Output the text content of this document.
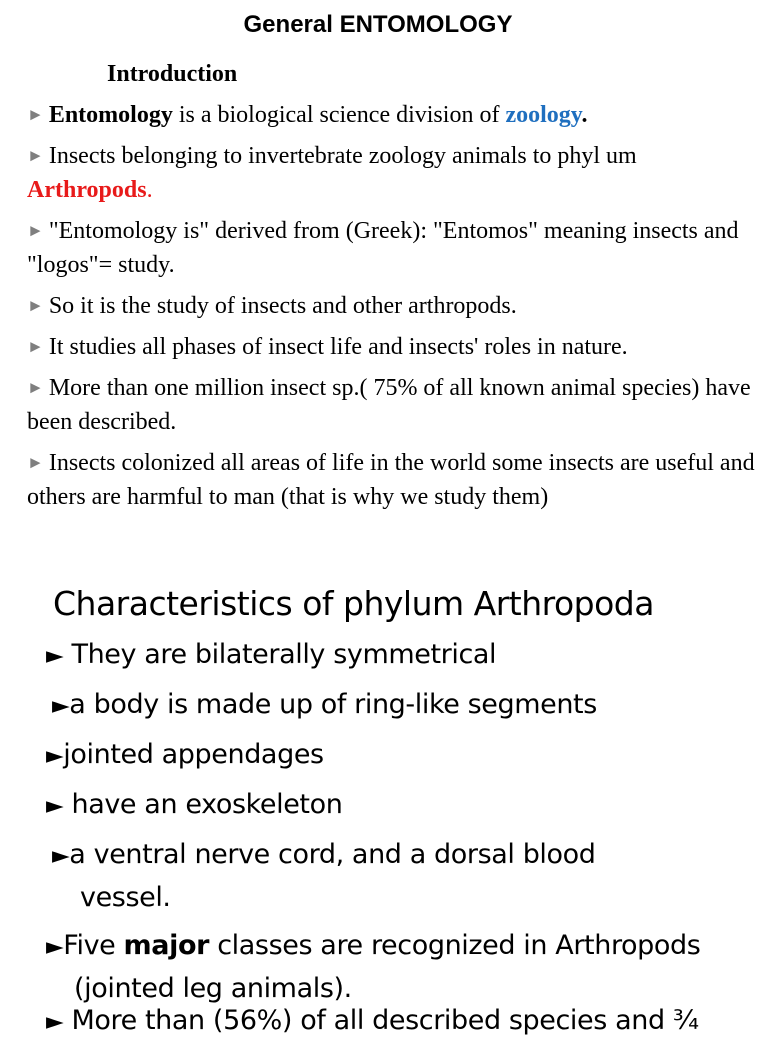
General ENTOMOLOGY
Introduction
► Entomology is a biological science division of zoology.
► Insects belonging to invertebrate zoology animals to phyl um Arthropods.
► "Entomology is" derived from (Greek): "Entomos" meaning insects and "logos"= study.
► So it is the study of insects and other arthropods.
► It studies all phases of insect life and insects' roles in nature.
► More than one million insect sp.( 75% of all known animal species) have been described.
► Insects colonized all areas of life in the world some insects are useful and others are harmful to man (that is why we study them)
Characteristics of phylum Arthropoda
► They are bilaterally symmetrical
►a body is made up of ring-like segments
►jointed appendages
► have an exoskeleton
►a ventral nerve cord, and a dorsal blood
vessel.
►Five major classes are recognized in Arthropods
(jointed leg animals).
► More than (56%) of all described species and ¾
